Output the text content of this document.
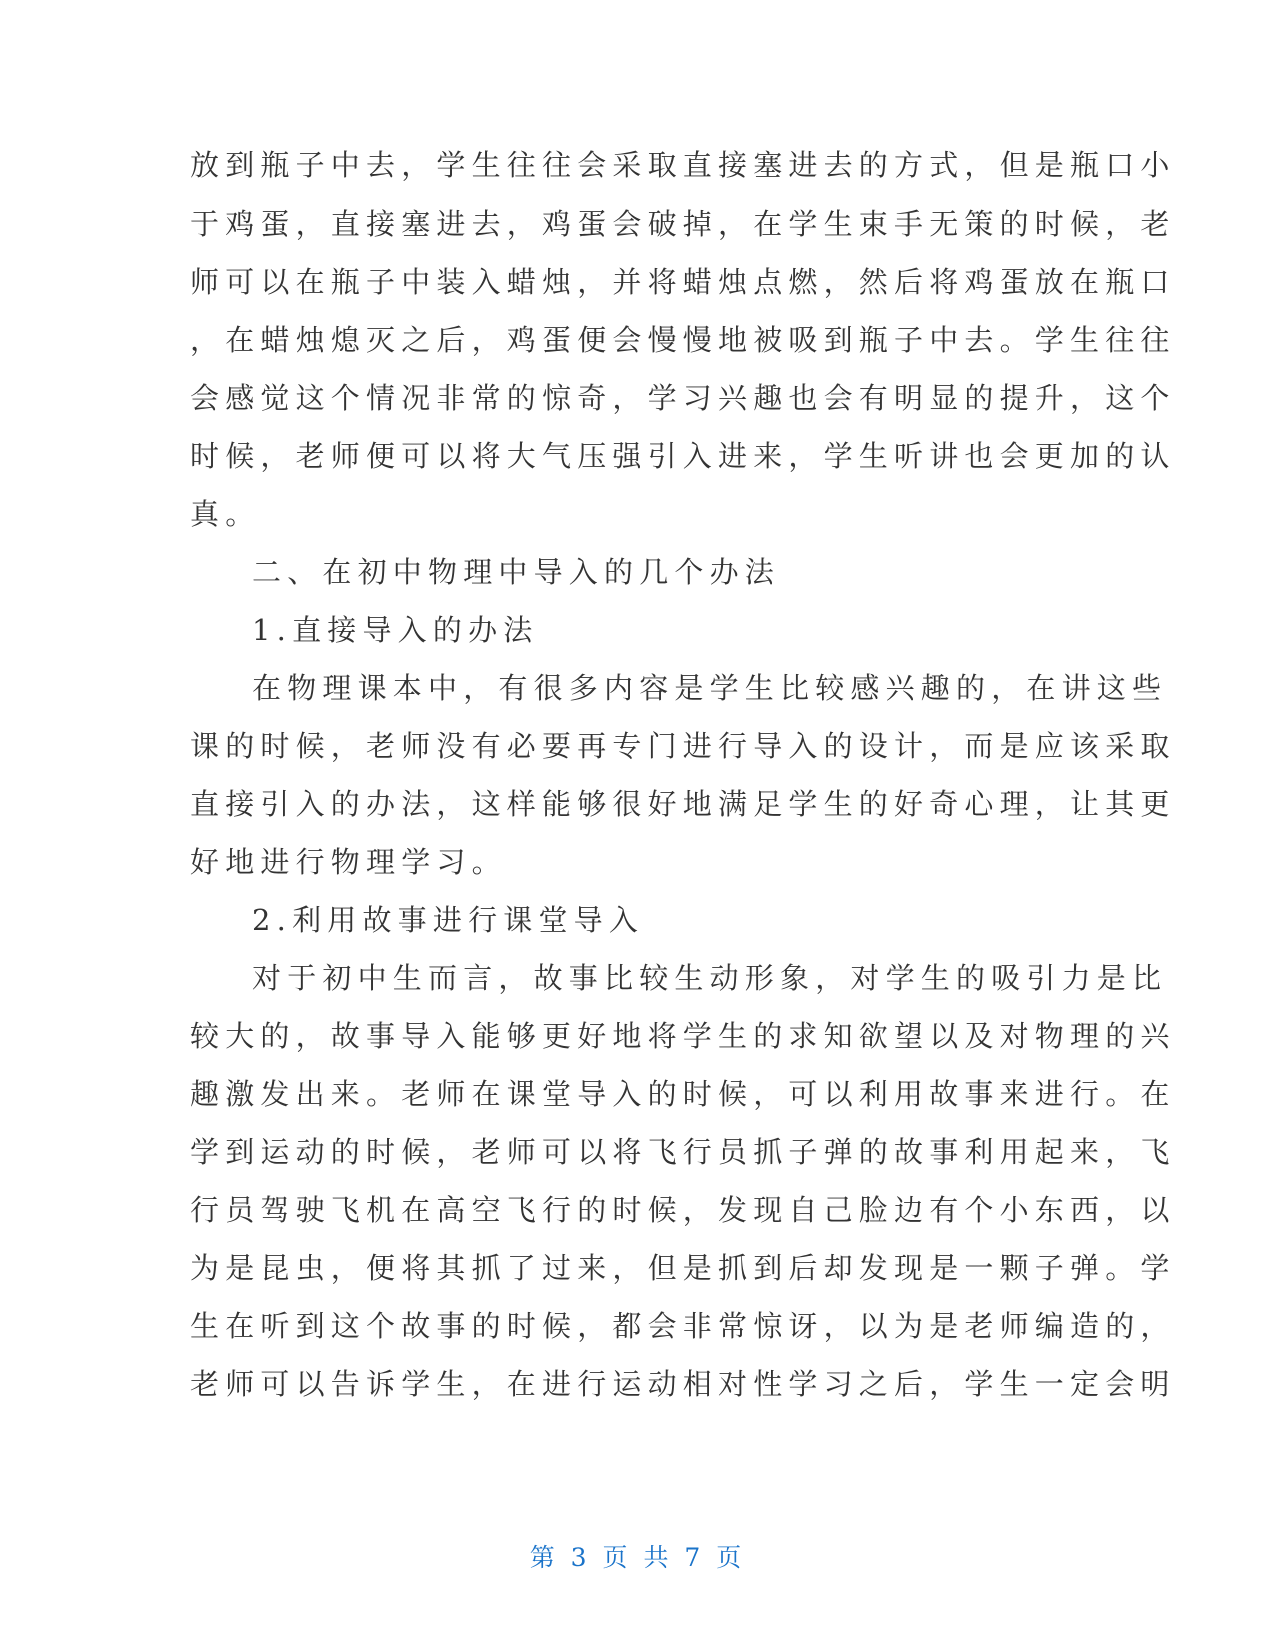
放到瓶子中去，学生往往会采取直接塞进去的方式，但是瓶口小
于鸡蛋，直接塞进去，鸡蛋会破掉，在学生束手无策的时候，老
师可以在瓶子中装入蜡烛，并将蜡烛点燃，然后将鸡蛋放在瓶口
，在蜡烛熄灭之后，鸡蛋便会慢慢地被吸到瓶子中去。学生往往
会感觉这个情况非常的惊奇，学习兴趣也会有明显的提升，这个
时候，老师便可以将大气压强引入进来，学生听讲也会更加的认
真。
二、在初中物理中导入的几个办法
1.直接导入的办法
在物理课本中，有很多内容是学生比较感兴趣的，在讲这些
课的时候，老师没有必要再专门进行导入的设计，而是应该采取
直接引入的办法，这样能够很好地满足学生的好奇心理，让其更
好地进行物理学习。
2.利用故事进行课堂导入
对于初中生而言，故事比较生动形象，对学生的吸引力是比
较大的，故事导入能够更好地将学生的求知欲望以及对物理的兴
趣激发出来。老师在课堂导入的时候，可以利用故事来进行。在
学到运动的时候，老师可以将飞行员抓子弹的故事利用起来，飞
行员驾驶飞机在高空飞行的时候，发现自己脸边有个小东西，以
为是昆虫，便将其抓了过来，但是抓到后却发现是一颗子弹。学
生在听到这个故事的时候，都会非常惊讶，以为是老师编造的，
老师可以告诉学生，在进行运动相对性学习之后，学生一定会明
第 3 页 共 7 页
